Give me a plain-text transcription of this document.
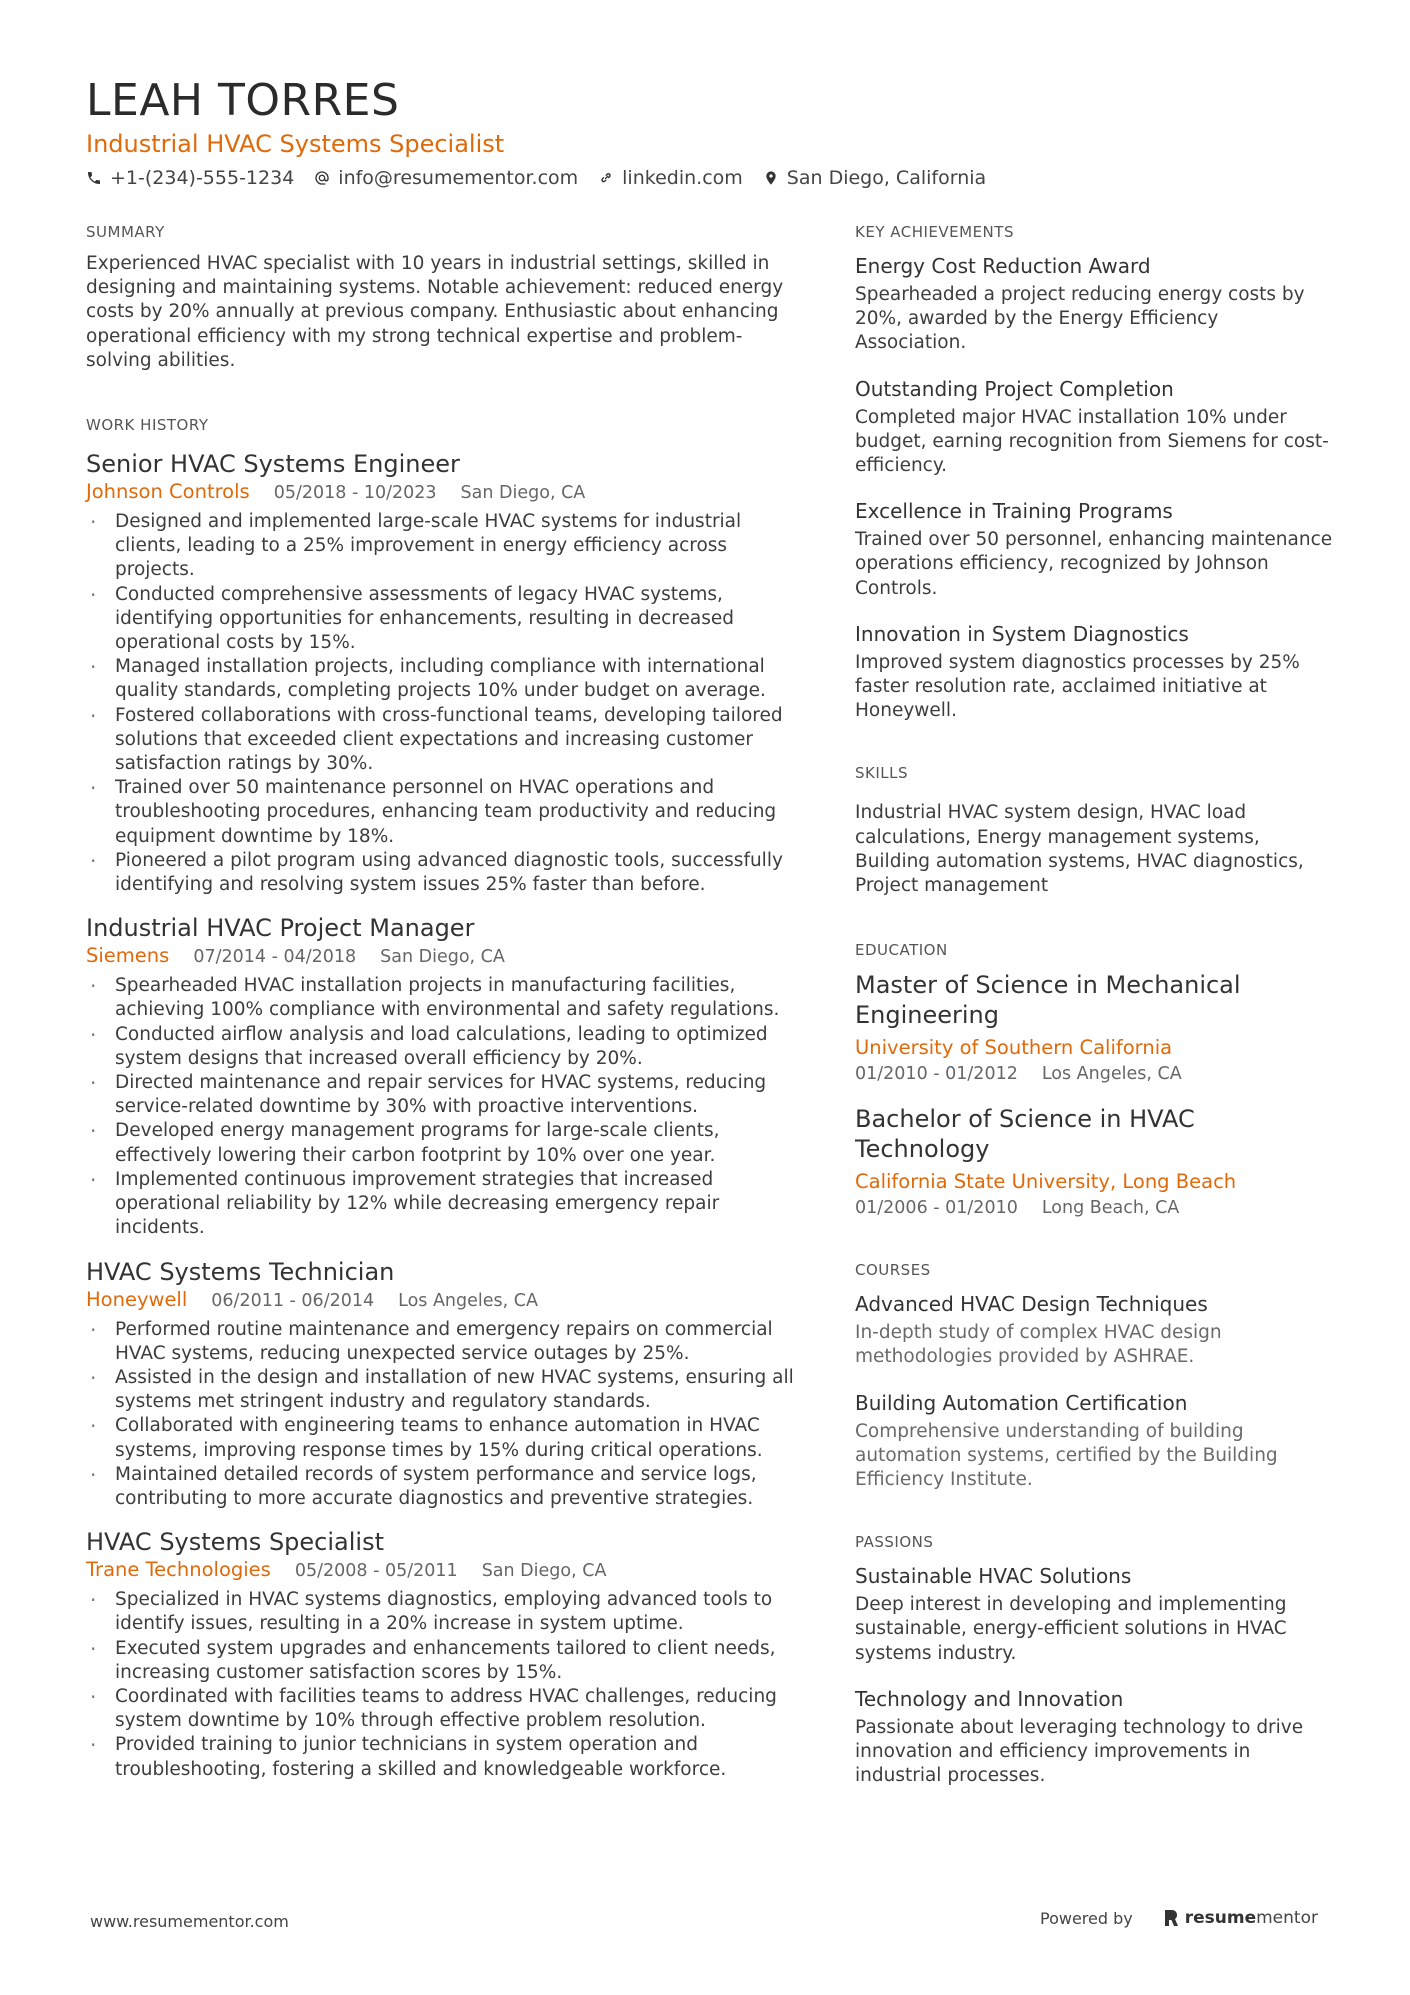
LEAH TORRES
Industrial HVAC Systems Specialist
+1-(234)-555-1234 info@resumementor.com linkedin.com San Diego, California
SUMMARY
Experienced HVAC specialist with 10 years in industrial settings, skilled in designing and maintaining systems. Notable achievement: reduced energy costs by 20% annually at previous company. Enthusiastic about enhancing operational efficiency with my strong technical expertise and problem-solving abilities.
WORK HISTORY
Senior HVAC Systems Engineer
Johnson Controls 05/2018 - 10/2023 San Diego, CA
· Designed and implemented large-scale HVAC systems for industrial clients, leading to a 25% improvement in energy efficiency across projects.
· Conducted comprehensive assessments of legacy HVAC systems, identifying opportunities for enhancements, resulting in decreased operational costs by 15%.
· Managed installation projects, including compliance with international quality standards, completing projects 10% under budget on average.
· Fostered collaborations with cross-functional teams, developing tailored solutions that exceeded client expectations and increasing customer satisfaction ratings by 30%.
· Trained over 50 maintenance personnel on HVAC operations and troubleshooting procedures, enhancing team productivity and reducing equipment downtime by 18%.
· Pioneered a pilot program using advanced diagnostic tools, successfully identifying and resolving system issues 25% faster than before.
Industrial HVAC Project Manager
Siemens 07/2014 - 04/2018 San Diego, CA
· Spearheaded HVAC installation projects in manufacturing facilities, achieving 100% compliance with environmental and safety regulations.
· Conducted airflow analysis and load calculations, leading to optimized system designs that increased overall efficiency by 20%.
· Directed maintenance and repair services for HVAC systems, reducing service-related downtime by 30% with proactive interventions.
· Developed energy management programs for large-scale clients, effectively lowering their carbon footprint by 10% over one year.
· Implemented continuous improvement strategies that increased operational reliability by 12% while decreasing emergency repair incidents.
HVAC Systems Technician
Honeywell 06/2011 - 06/2014 Los Angeles, CA
· Performed routine maintenance and emergency repairs on commercial HVAC systems, reducing unexpected service outages by 25%.
· Assisted in the design and installation of new HVAC systems, ensuring all systems met stringent industry and regulatory standards.
· Collaborated with engineering teams to enhance automation in HVAC systems, improving response times by 15% during critical operations.
· Maintained detailed records of system performance and service logs, contributing to more accurate diagnostics and preventive strategies.
HVAC Systems Specialist
Trane Technologies 05/2008 - 05/2011 San Diego, CA
· Specialized in HVAC systems diagnostics, employing advanced tools to identify issues, resulting in a 20% increase in system uptime.
· Executed system upgrades and enhancements tailored to client needs, increasing customer satisfaction scores by 15%.
· Coordinated with facilities teams to address HVAC challenges, reducing system downtime by 10% through effective problem resolution.
· Provided training to junior technicians in system operation and troubleshooting, fostering a skilled and knowledgeable workforce.
KEY ACHIEVEMENTS
Energy Cost Reduction Award
Spearheaded a project reducing energy costs by 20%, awarded by the Energy Efficiency Association.
Outstanding Project Completion
Completed major HVAC installation 10% under budget, earning recognition from Siemens for cost-efficiency.
Excellence in Training Programs
Trained over 50 personnel, enhancing maintenance operations efficiency, recognized by Johnson Controls.
Innovation in System Diagnostics
Improved system diagnostics processes by 25% faster resolution rate, acclaimed initiative at Honeywell.
SKILLS
Industrial HVAC system design, HVAC load calculations, Energy management systems, Building automation systems, HVAC diagnostics, Project management
EDUCATION
Master of Science in Mechanical Engineering
University of Southern California
01/2010 - 01/2012 Los Angeles, CA
Bachelor of Science in HVAC Technology
California State University, Long Beach
01/2006 - 01/2010 Long Beach, CA
COURSES
Advanced HVAC Design Techniques
In-depth study of complex HVAC design methodologies provided by ASHRAE.
Building Automation Certification
Comprehensive understanding of building automation systems, certified by the Building Efficiency Institute.
PASSIONS
Sustainable HVAC Solutions
Deep interest in developing and implementing sustainable, energy-efficient solutions in HVAC systems industry.
Technology and Innovation
Passionate about leveraging technology to drive innovation and efficiency improvements in industrial processes.
www.resumementor.com	Powered by	resume mentor
